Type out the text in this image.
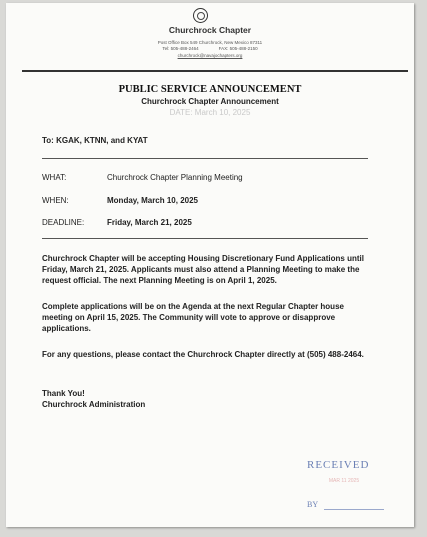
Churchrock Chapter
Post Office Box 549 Churchrock, New Mexico 87311
Tel: 505-488-2464	FAX: 505-488-2150
churchrock@navajochapters.org
PUBLIC SERVICE ANNOUNCEMENT
Churchrock Chapter Announcement
DATE: March 10, 2025
To: KGAK, KTNN, and KYAT
WHAT:	Churchrock Chapter Planning Meeting
WHEN:	Monday, March 10, 2025
DEADLINE:	Friday, March 21, 2025

Churchrock Chapter will be accepting Housing Discretionary Fund Applications until Friday, March 21, 2025. Applicants must also attend a Planning Meeting to make the request official. The next Planning Meeting is on April 1, 2025.

Complete applications will be on the Agenda at the next Regular Chapter house meeting on April 15, 2025. The Community will vote to approve or disapprove applications.

For any questions, please contact the Churchrock Chapter directly at (505) 488-2464.

Thank You!
Churchrock Administration

RECEIVED
MAR 11 2025
BY
